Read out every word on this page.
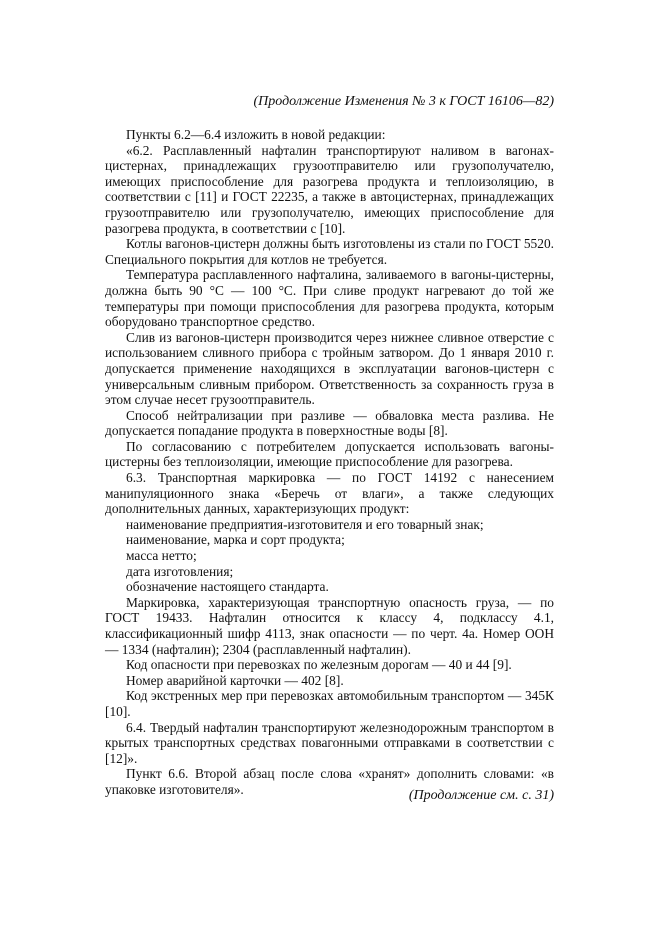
(Продолжение Изменения № 3 к ГОСТ 16106—82)

Пункты 6.2—6.4 изложить в новой редакции:

«6.2. Расплавленный нафталин транспортируют наливом в вагонах-цистернах, принадлежащих грузоотправителю или грузополучателю, имеющих приспособление для разогрева продукта и теплоизоляцию, в соответствии с [11] и ГОСТ 22235, а также в автоцистернах, принадлежащих грузоотправителю или грузополучателю, имеющих приспособление для разогрева продукта, в соответствии с [10].

Котлы вагонов-цистерн должны быть изготовлены из стали по ГОСТ 5520. Специального покрытия для котлов не требуется.

Температура расплавленного нафталина, заливаемого в вагоны-цистерны, должна быть 90 °С — 100 °С. При сливе продукт нагревают до той же температуры при помощи приспособления для разогрева продукта, которым оборудовано транспортное средство.

Слив из вагонов-цистерн производится через нижнее сливное отверстие с использованием сливного прибора с тройным затвором. До 1 января 2010 г. допускается применение находящихся в эксплуатации вагонов-цистерн с универсальным сливным прибором. Ответственность за сохранность груза в этом случае несет грузоотправитель.

Способ нейтрализации при разливе — обваловка места разлива. Не допускается попадание продукта в поверхностные воды [8].

По согласованию с потребителем допускается использовать вагоны-цистерны без теплоизоляции, имеющие приспособление для разогрева.

6.3. Транспортная маркировка — по ГОСТ 14192 с нанесением манипуляционного знака «Беречь от влаги», а также следующих дополнительных данных, характеризующих продукт:

наименование предприятия-изготовителя и его товарный знак;

наименование, марка и сорт продукта;

масса нетто;

дата изготовления;

обозначение настоящего стандарта.

Маркировка, характеризующая транспортную опасность груза, — по ГОСТ 19433. Нафталин относится к классу 4, подклассу 4.1, классификационный шифр 4113, знак опасности — по черт. 4а. Номер ООН — 1334 (нафталин); 2304 (расплавленный нафталин).

Код опасности при перевозках по железным дорогам — 40 и 44 [9].

Номер аварийной карточки — 402 [8].

Код экстренных мер при перевозках автомобильным транспортом — 345К [10].

6.4. Твердый нафталин транспортируют железнодорожным транспортом в крытых транспортных средствах повагонными отправками в соответствии с [12]».

Пункт 6.6. Второй абзац после слова «хранят» дополнить словами: «в упаковке изготовителя».	(Продолжение см. с. 31)
